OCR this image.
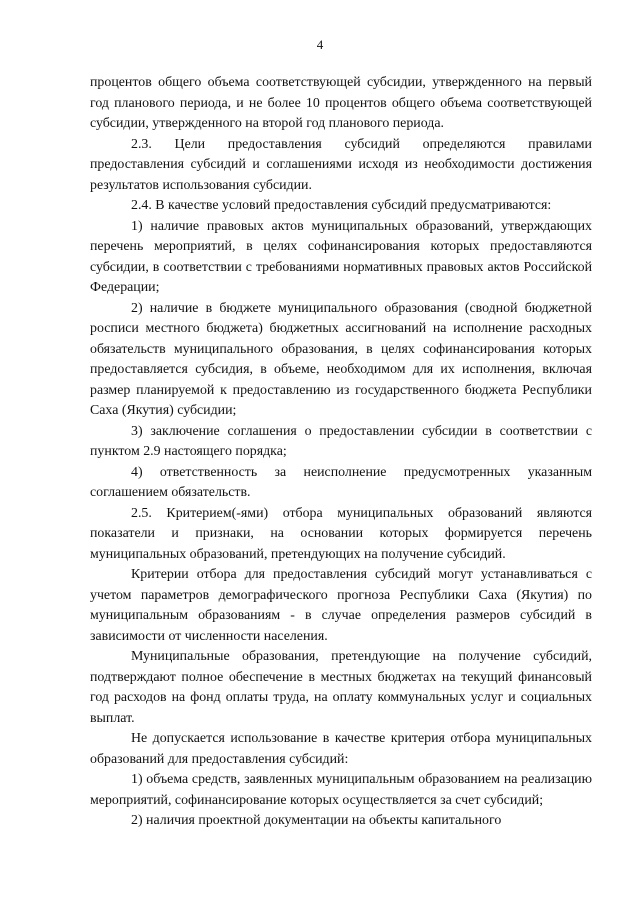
4

процентов общего объема соответствующей субсидии, утвержденного на первый год планового периода, и не более 10 процентов общего объема соответствующей субсидии, утвержденного на второй год планового периода.

2.3. Цели предоставления субсидий определяются правилами предоставления субсидий и соглашениями исходя из необходимости достижения результатов использования субсидии.

2.4. В качестве условий предоставления субсидий предусматриваются:

1) наличие правовых актов муниципальных образований, утверждающих перечень мероприятий, в целях софинансирования которых предоставляются субсидии, в соответствии с требованиями нормативных правовых актов Российской Федерации;

2) наличие в бюджете муниципального образования (сводной бюджетной росписи местного бюджета) бюджетных ассигнований на исполнение расходных обязательств муниципального образования, в целях софинансирования которых предоставляется субсидия, в объеме, необходимом для их исполнения, включая размер планируемой к предоставлению из государственного бюджета Республики Саха (Якутия) субсидии;

3) заключение соглашения о предоставлении субсидии в соответствии с пунктом 2.9 настоящего порядка;

4) ответственность за неисполнение предусмотренных указанным соглашением обязательств.

2.5. Критерием(-ями) отбора муниципальных образований являются показатели и признаки, на основании которых формируется перечень муниципальных образований, претендующих на получение субсидий.

Критерии отбора для предоставления субсидий могут устанавливаться с учетом параметров демографического прогноза Республики Саха (Якутия) по муниципальным образованиям - в случае определения размеров субсидий в зависимости от численности населения.

Муниципальные образования, претендующие на получение субсидий, подтверждают полное обеспечение в местных бюджетах на текущий финансовый год расходов на фонд оплаты труда, на оплату коммунальных услуг и социальных выплат.

Не допускается использование в качестве критерия отбора муниципальных образований для предоставления субсидий:

1) объема средств, заявленных муниципальным образованием на реализацию мероприятий, софинансирование которых осуществляется за счет субсидий;

2) наличия проектной документации на объекты капитального
